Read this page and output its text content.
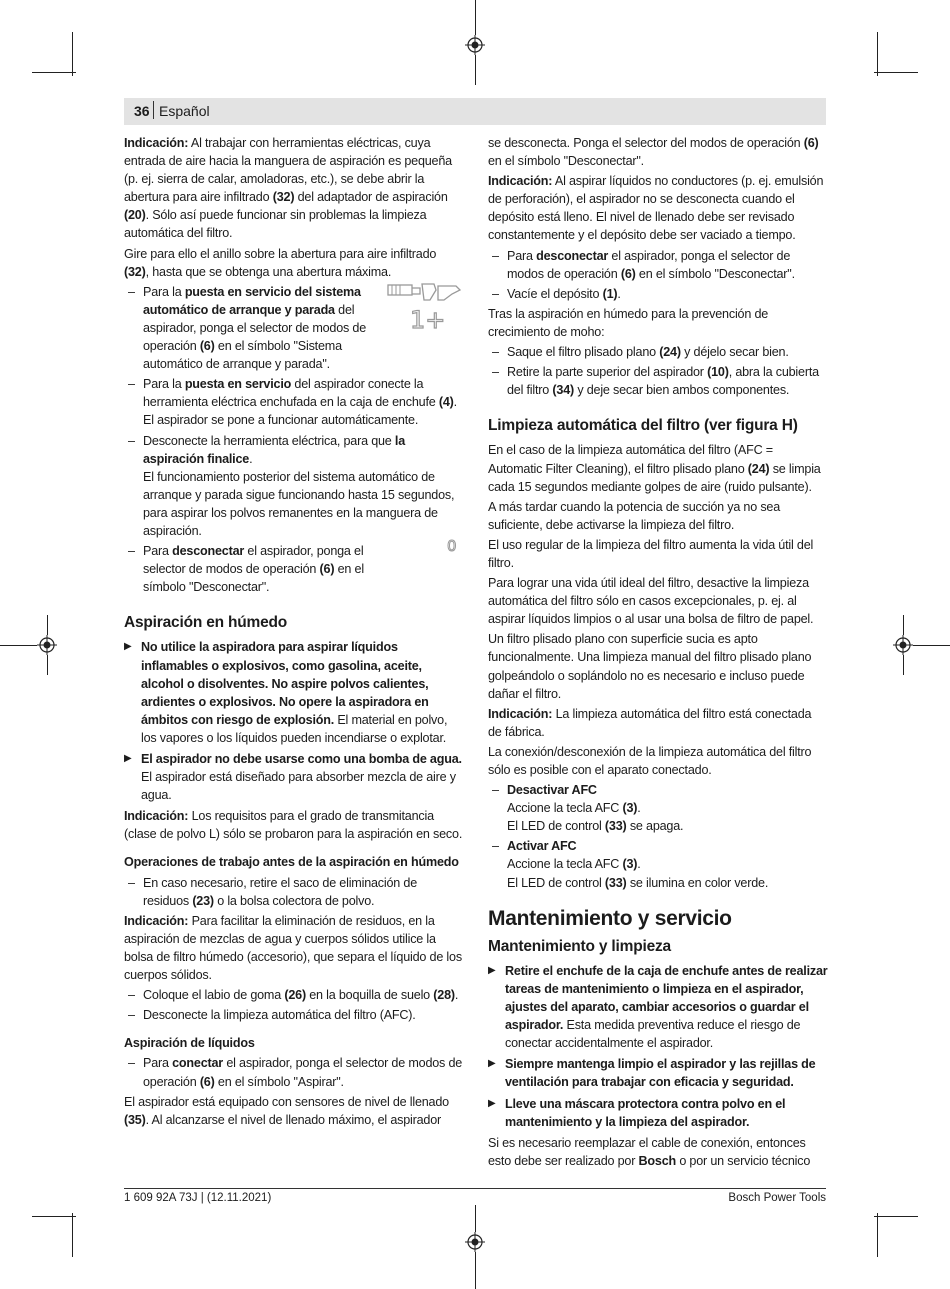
36 Español

Indicación: Al trabajar con herramientas eléctricas, cuya entrada de aire hacia la manguera de aspiración es pequeña (p. ej. sierra de calar, amoladoras, etc.), se debe abrir la abertura para aire infiltrado (32) del adaptador de aspiración (20). Sólo así puede funcionar sin problemas la limpieza automática del filtro.

Gire para ello el anillo sobre la abertura para aire infiltrado (32), hasta que se obtenga una abertura máxima.

– Para la puesta en servicio del sistema automático de arranque y parada del aspirador, ponga el selector de modos de operación (6) en el símbolo "Sistema automático de arranque y parada".
– Para la puesta en servicio del aspirador conecte la herramienta eléctrica enchufada en la caja de enchufe (4). El aspirador se pone a funcionar automáticamente.
– Desconecte la herramienta eléctrica, para que la aspiración finalice.
El funcionamiento posterior del sistema automático de arranque y parada sigue funcionando hasta 15 segundos, para aspirar los polvos remanentes en la manguera de aspiración.
– Para desconectar el aspirador, ponga el selector de modos de operación (6) en el símbolo "Desconectar".
Aspiración en húmedo
▶ No utilice la aspiradora para aspirar líquidos inflamables o explosivos, como gasolina, aceite, alcohol o disolventes. No aspire polvos calientes, ardientes o explosivos. No opere la aspiradora en ámbitos con riesgo de explosión. El material en polvo, los vapores o los líquidos pueden incendiarse o explotar.
▶ El aspirador no debe usarse como una bomba de agua. El aspirador está diseñado para absorber mezcla de aire y agua.

Indicación: Los requisitos para el grado de transmitancia (clase de polvo L) sólo se probaron para la aspiración en seco.

Operaciones de trabajo antes de la aspiración en húmedo
– En caso necesario, retire el saco de eliminación de residuos (23) o la bolsa colectora de polvo.

Indicación: Para facilitar la eliminación de residuos, en la aspiración de mezclas de agua y cuerpos sólidos utilice la bolsa de filtro húmedo (accesorio), que separa el líquido de los cuerpos sólidos.

– Coloque el labio de goma (26) en la boquilla de suelo (28).
– Desconecte la limpieza automática del filtro (AFC).
Aspiración de líquidos
– Para conectar el aspirador, ponga el selector de modos de operación (6) en el símbolo "Aspirar".

El aspirador está equipado con sensores de nivel de llenado (35). Al alcanzarse el nivel de llenado máximo, el aspirador

1+
0

se desconecta. Ponga el selector del modos de operación (6) en el símbolo "Desconectar".

Indicación: Al aspirar líquidos no conductores (p. ej. emulsión de perforación), el aspirador no se desconecta cuando el depósito está lleno. El nivel de llenado debe ser revisado constantemente y el depósito debe ser vaciado a tiempo.

– Para desconectar el aspirador, ponga el selector de modos de operación (6) en el símbolo "Desconectar".
– Vacíe el depósito (1).

Tras la aspiración en húmedo para la prevención de crecimiento de moho:

– Saque el filtro plisado plano (24) y déjelo secar bien.
– Retire la parte superior del aspirador (10), abra la cubierta del filtro (34) y deje secar bien ambos componentes.
Limpieza automática del filtro (ver figura H)

En el caso de la limpieza automática del filtro (AFC = Automatic Filter Cleaning), el filtro plisado plano (24) se limpia cada 15 segundos mediante golpes de aire (ruido pulsante).

A más tardar cuando la potencia de succión ya no sea suficiente, debe activarse la limpieza del filtro.

El uso regular de la limpieza del filtro aumenta la vida útil del filtro.

Para lograr una vida útil ideal del filtro, desactive la limpieza automática del filtro sólo en casos excepcionales, p. ej. al aspirar líquidos limpios o al usar una bolsa de filtro de papel.

Un filtro plisado plano con superficie sucia es apto funcionalmente. Una limpieza manual del filtro plisado plano golpeándolo o soplándolo no es necesario e incluso puede dañar el filtro.

Indicación: La limpieza automática del filtro está conectada de fábrica.

La conexión/desconexión de la limpieza automática del filtro sólo es posible con el aparato conectado.

– Desactivar AFC
Accione la tecla AFC (3).
El LED de control (33) se apaga.
– Activar AFC
Accione la tecla AFC (3).
El LED de control (33) se ilumina en color verde.
Mantenimiento y servicio
Mantenimiento y limpieza
▶ Retire el enchufe de la caja de enchufe antes de realizar tareas de mantenimiento o limpieza en el aspirador, ajustes del aparato, cambiar accesorios o guardar el aspirador. Esta medida preventiva reduce el riesgo de conectar accidentalmente el aspirador.
▶ Siempre mantenga limpio el aspirador y las rejillas de ventilación para trabajar con eficacia y seguridad.
▶ Lleve una máscara protectora contra polvo en el mantenimiento y la limpieza del aspirador.

Si es necesario reemplazar el cable de conexión, entonces esto debe ser realizado por Bosch o por un servicio técnico

1 609 92A 73J | (12.11.2021)	Bosch Power Tools
